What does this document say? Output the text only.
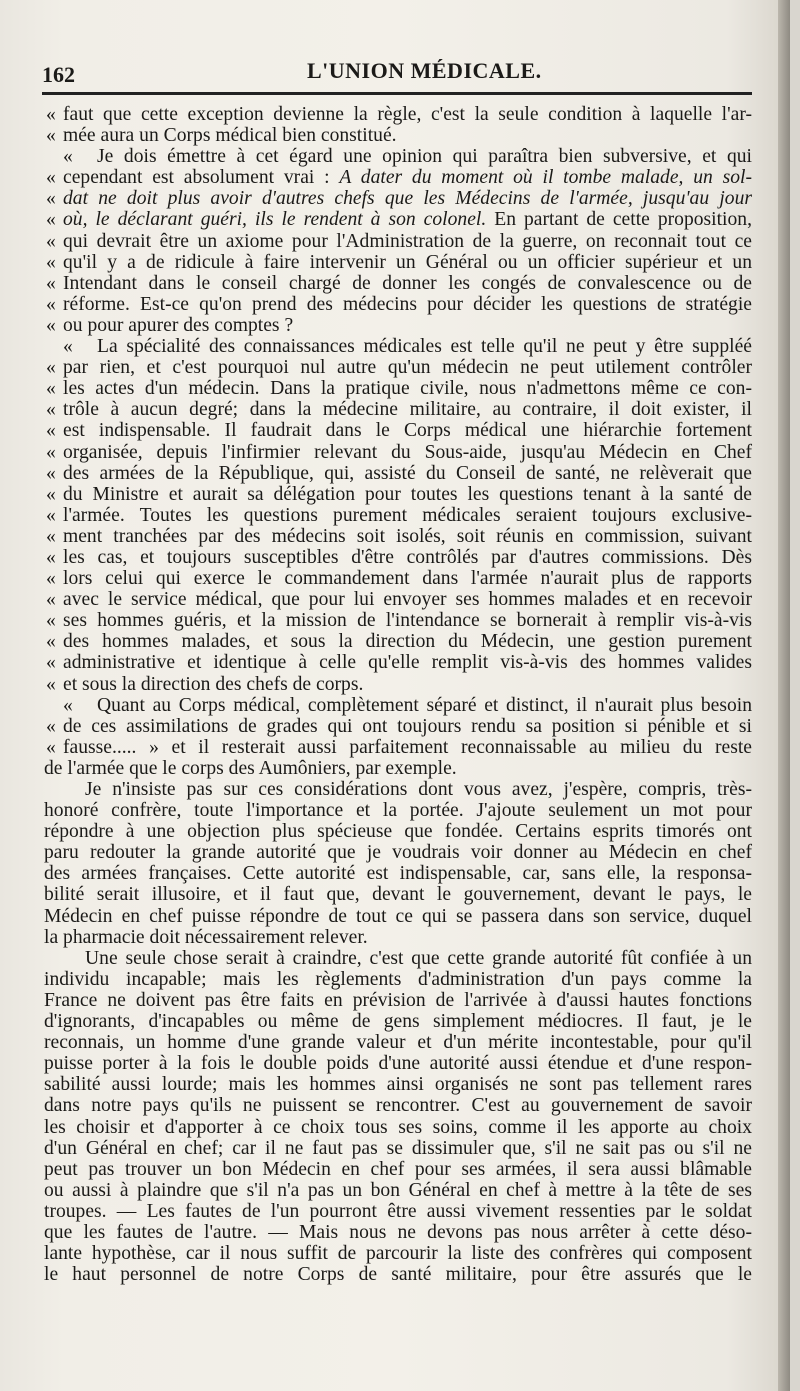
162	L'UNION MÉDICALE.
« faut que cette exception devienne la règle, c'est la seule condition à laquelle l'ar-
« mée aura un Corps médical bien constitué.
« Je dois émettre à cet égard une opinion qui paraîtra bien subversive, et qui
« cependant est absolument vrai : A dater du moment où il tombe malade, un sol-
« dat ne doit plus avoir d'autres chefs que les Médecins de l'armée, jusqu'au jour
« où, le déclarant guéri, ils le rendent à son colonel. En partant de cette proposition,
« qui devrait être un axiome pour l'Administration de la guerre, on reconnait tout ce
« qu'il y a de ridicule à faire intervenir un Général ou un officier supérieur et un
« Intendant dans le conseil chargé de donner les congés de convalescence ou de
« réforme. Est-ce qu'on prend des médecins pour décider les questions de stratégie
« ou pour apurer des comptes ?
« La spécialité des connaissances médicales est telle qu'il ne peut y être suppléé
« par rien, et c'est pourquoi nul autre qu'un médecin ne peut utilement contrôler
« les actes d'un médecin. Dans la pratique civile, nous n'admettons même ce con-
« trôle à aucun degré; dans la médecine militaire, au contraire, il doit exister, il
« est indispensable. Il faudrait dans le Corps médical une hiérarchie fortement
« organisée, depuis l'infirmier relevant du Sous-aide, jusqu'au Médecin en Chef
« des armées de la République, qui, assisté du Conseil de santé, ne relèverait que
« du Ministre et aurait sa délégation pour toutes les questions tenant à la santé de
« l'armée. Toutes les questions purement médicales seraient toujours exclusive-
« ment tranchées par des médecins soit isolés, soit réunis en commission, suivant
« les cas, et toujours susceptibles d'être contrôlés par d'autres commissions. Dès
« lors celui qui exerce le commandement dans l'armée n'aurait plus de rapports
« avec le service médical, que pour lui envoyer ses hommes malades et en recevoir
« ses hommes guéris, et la mission de l'intendance se bornerait à remplir vis-à-vis
« des hommes malades, et sous la direction du Médecin, une gestion purement
« administrative et identique à celle qu'elle remplit vis-à-vis des hommes valides
« et sous la direction des chefs de corps.
« Quant au Corps médical, complètement séparé et distinct, il n'aurait plus besoin
« de ces assimilations de grades qui ont toujours rendu sa position si pénible et si
« fausse..... » et il resterait aussi parfaitement reconnaissable au milieu du reste
de l'armée que le corps des Aumôniers, par exemple.
Je n'insiste pas sur ces considérations dont vous avez, j'espère, compris, très-
honoré confrère, toute l'importance et la portée. J'ajoute seulement un mot pour
répondre à une objection plus spécieuse que fondée. Certains esprits timorés ont
paru redouter la grande autorité que je voudrais voir donner au Médecin en chef
des armées françaises. Cette autorité est indispensable, car, sans elle, la responsa-
bilité serait illusoire, et il faut que, devant le gouvernement, devant le pays, le
Médecin en chef puisse répondre de tout ce qui se passera dans son service, duquel
la pharmacie doit nécessairement relever.
Une seule chose serait à craindre, c'est que cette grande autorité fût confiée à un
individu incapable; mais les règlements d'administration d'un pays comme la
France ne doivent pas être faits en prévision de l'arrivée à d'aussi hautes fonctions
d'ignorants, d'incapables ou même de gens simplement médiocres. Il faut, je le
reconnais, un homme d'une grande valeur et d'un mérite incontestable, pour qu'il
puisse porter à la fois le double poids d'une autorité aussi étendue et d'une respon-
sabilité aussi lourde; mais les hommes ainsi organisés ne sont pas tellement rares
dans notre pays qu'ils ne puissent se rencontrer. C'est au gouvernement de savoir
les choisir et d'apporter à ce choix tous ses soins, comme il les apporte au choix
d'un Général en chef; car il ne faut pas se dissimuler que, s'il ne sait pas ou s'il ne
peut pas trouver un bon Médecin en chef pour ses armées, il sera aussi blâmable
ou aussi à plaindre que s'il n'a pas un bon Général en chef à mettre à la tête de ses
troupes. — Les fautes de l'un pourront être aussi vivement ressenties par le soldat
que les fautes de l'autre. — Mais nous ne devons pas nous arrêter à cette déso-
lante hypothèse, car il nous suffit de parcourir la liste des confrères qui composent
le haut personnel de notre Corps de santé militaire, pour être assurés que le
